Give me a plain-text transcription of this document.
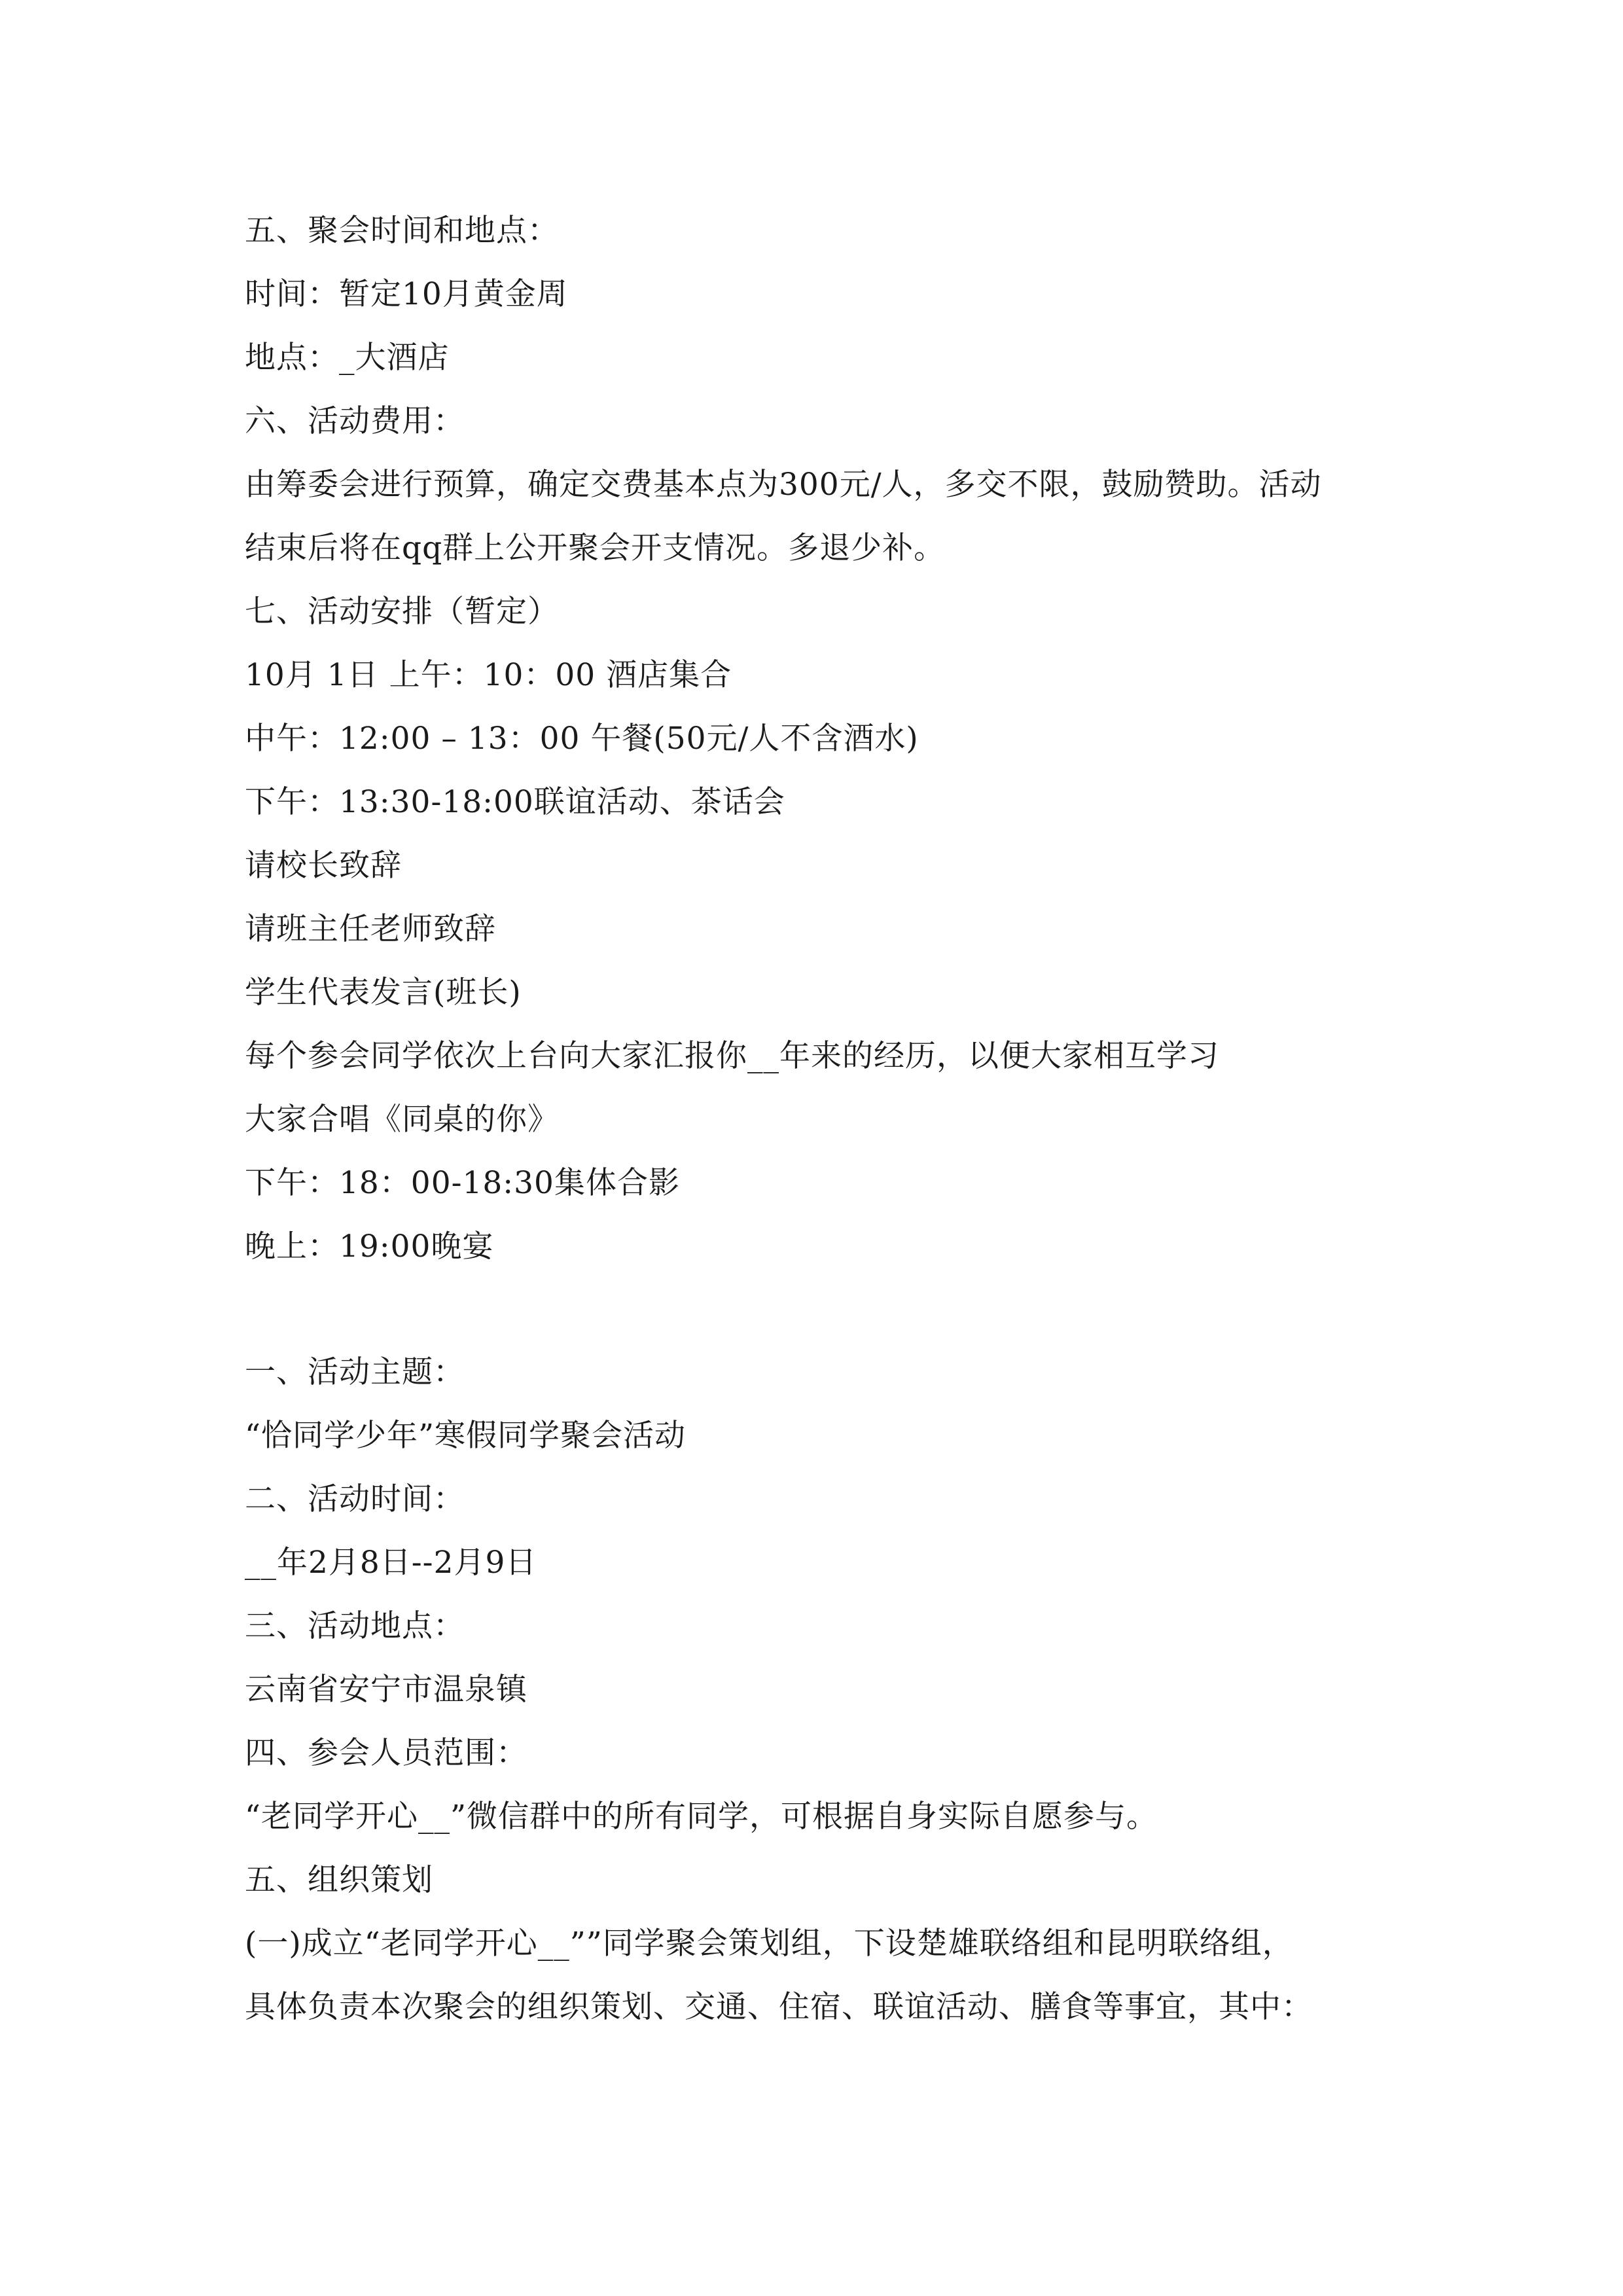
五、聚会时间和地点：
时间：暂定10月黄金周
地点：_大酒店
六、活动费用：
由筹委会进行预算，确定交费基本点为300元/人，多交不限，鼓励赞助。活动
结束后将在qq群上公开聚会开支情况。多退少补。
七、活动安排（暂定）
10月 1日 上午：10：00 酒店集合
中午：12:00 – 13：00 午餐(50元/人不含酒水)
下午：13:30-18:00联谊活动、茶话会
请校长致辞
请班主任老师致辞
学生代表发言(班长)
每个参会同学依次上台向大家汇报你__年来的经历，以便大家相互学习
大家合唱《同桌的你》
下午：18：00-18:30集体合影
晚上：19:00晚宴
一、活动主题：
“恰同学少年”寒假同学聚会活动
二、活动时间：
__年2月8日--2月9日
三、活动地点：
云南省安宁市温泉镇
四、参会人员范围：
“老同学开心__”微信群中的所有同学，可根据自身实际自愿参与。
五、组织策划
(一)成立“老同学开心__””同学聚会策划组，下设楚雄联络组和昆明联络组，
具体负责本次聚会的组织策划、交通、住宿、联谊活动、膳食等事宜，其中：
